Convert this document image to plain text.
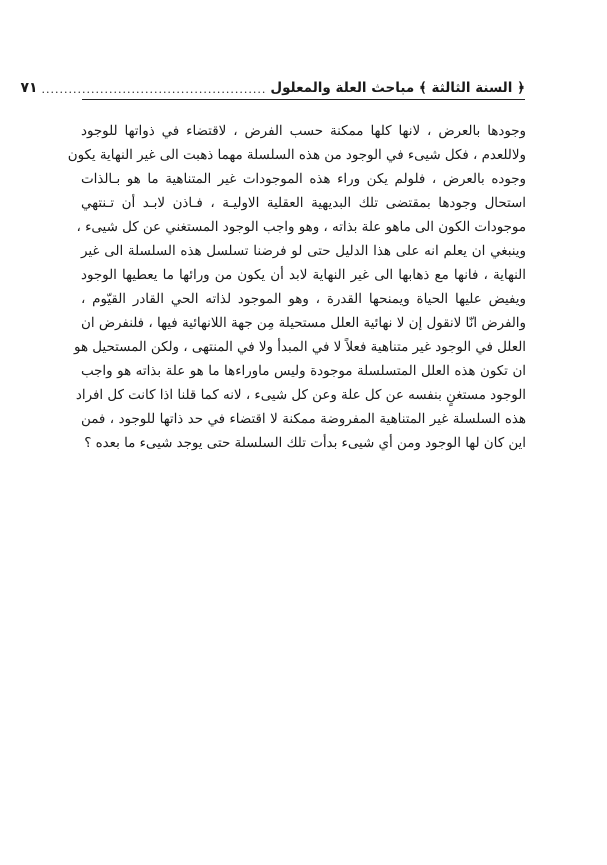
﴿ السنة الثالثة ﴾ مباحث العلة والمعلول
..................................................
٧١
وجودها بالعرض ، لانها كلها ممكنة حسب الفرض ، لاقتضاء في ذواتها للوجود
ولاللعدم ، فكل شيىء في الوجود من هذه السلسلة مهما ذهبت الى غير النهاية يكون
وجوده بالعرض ، فلولم يكن وراء هذه الموجودات غير المتناهية ما هو بـالذات
استحال وجودها بمقتضى تلك البديهية العقلية الاوليـة ، فـاذن لابـد أن تـنتهي
موجودات الكون الى ماهو علة بذاته ، وهو واجب الوجود المستغني عن كل شيىء ،
وينبغي ان يعلم انه على هذا الدليل حتى لو فرضنا تسلسل هذه السلسلة الى غير
النهاية ، فانها مع ذهابها الى غير النهاية لابد أن يكون من ورائها ما يعطيها الوجود
ويفيض عليها الحياة ويمنحها القدرة ، وهو الموجود لذاته الحي القادر القيّوم ،
والفرض انّا لانقول إن لا نهائية العلل مستحيلة مِن جهة اللانهائية فيها ، فلنفرض ان
العلل في الوجود غير متناهية فعلاً لا في المبدأ ولا في المنتهى ، ولكن المستحيل هو
ان تكون هذه العلل المتسلسلة موجودة وليس ماوراءها ما هو علة بذاته هو واجب
الوجود مستغنٍ بنفسه عن كل علة وعن كل شيىء ، لانه كما قلنا اذا كانت كل افراد
هذه السلسلة غير المتناهية المفروضة ممكنة لا اقتضاء في حد ذاتها للوجود ، فمن
اين كان لها الوجود ومن أي شيىء بدأت تلك السلسلة حتى يوجد شيىء ما بعده ؟
